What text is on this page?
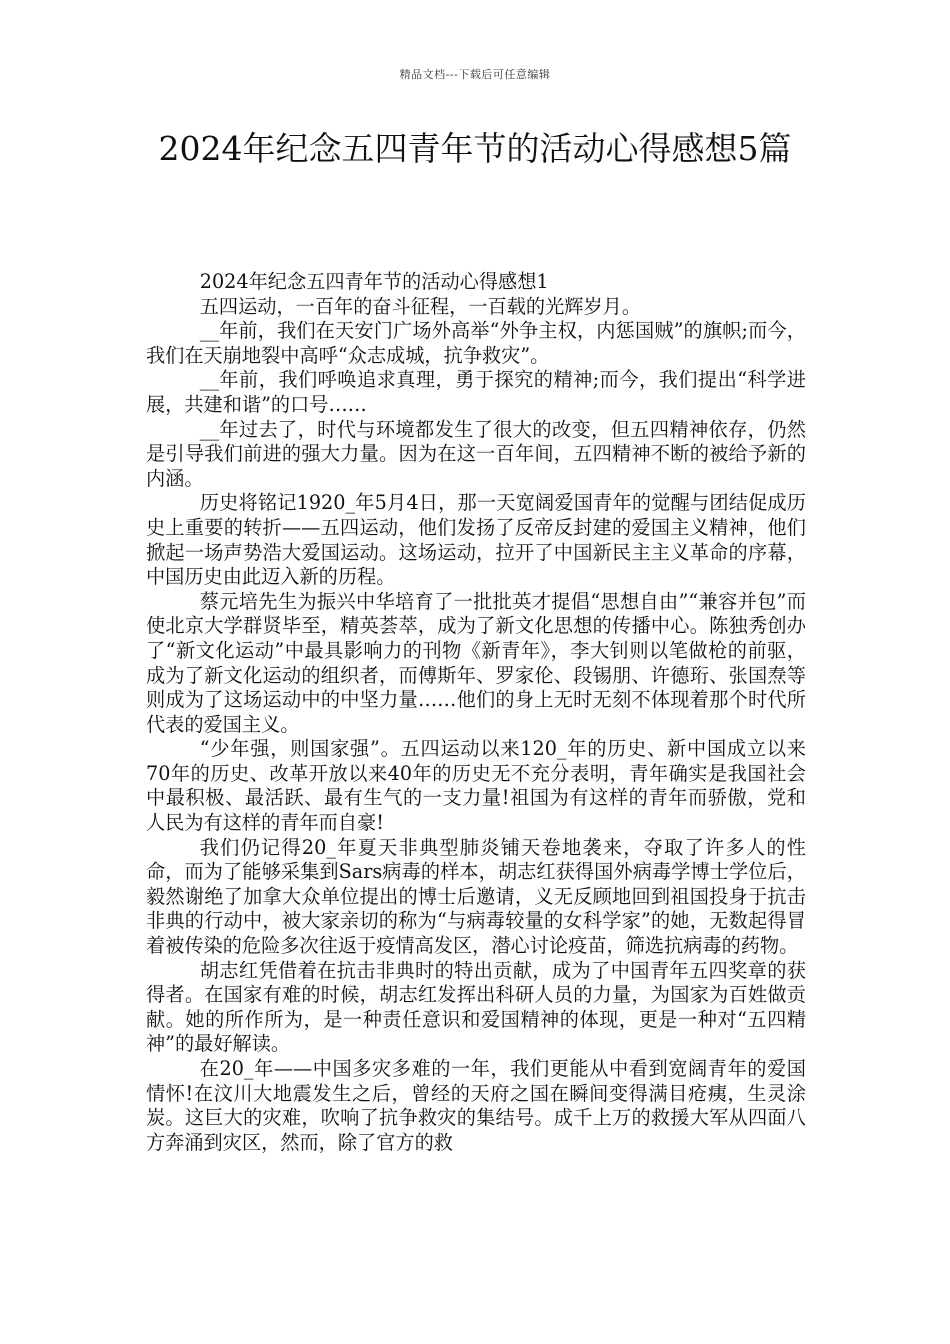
精品文档---下载后可任意编辑
2024年纪念五四青年节的活动心得感想5篇

2024年纪念五四青年节的活动心得感想1

五四运动，一百年的奋斗征程，一百载的光辉岁月。

__年前，我们在天安门广场外高举“外争主权，内惩国贼”的旗帜;而今，我们在天崩地裂中高呼“众志成城，抗争救灾”。

__年前，我们呼唤追求真理，勇于探究的精神;而今，我们提出“科学进展，共建和谐”的口号……

__年过去了，时代与环境都发生了很大的改变，但五四精神依存，仍然是引导我们前进的强大力量。因为在这一百年间，五四精神不断的被给予新的内涵。

历史将铭记1920_年5月4日，那一天宽阔爱国青年的觉醒与团结促成历史上重要的转折——五四运动，他们发扬了反帝反封建的爱国主义精神，他们掀起一场声势浩大爱国运动。这场运动，拉开了中国新民主主义革命的序幕，中国历史由此迈入新的历程。

蔡元培先生为振兴中华培育了一批批英才提倡“思想自由”“兼容并包”而使北京大学群贤毕至，精英荟萃，成为了新文化思想的传播中心。陈独秀创办了“新文化运动”中最具影响力的刊物《新青年》，李大钊则以笔做枪的前驱，成为了新文化运动的组织者，而傅斯年、罗家伦、段锡朋、许德珩、张国焘等则成为了这场运动中的中坚力量……他们的身上无时无刻不体现着那个时代所代表的爱国主义。

“少年强，则国家强”。五四运动以来120_年的历史、新中国成立以来70年的历史、改革开放以来40年的历史无不充分表明，青年确实是我国社会中最积极、最活跃、最有生气的一支力量!祖国为有这样的青年而骄傲，党和人民为有这样的青年而自豪!

我们仍记得20_年夏天非典型肺炎铺天卷地袭来，夺取了许多人的性命，而为了能够采集到Sars病毒的样本，胡志红获得国外病毒学博士学位后，毅然谢绝了加拿大众单位提出的博士后邀请，义无反顾地回到祖国投身于抗击非典的行动中，被大家亲切的称为“与病毒较量的女科学家”的她，无数起得冒着被传染的危险多次往返于疫情高发区，潜心讨论疫苗，筛选抗病毒的药物。

胡志红凭借着在抗击非典时的特出贡献，成为了中国青年五四奖章的获得者。在国家有难的时候，胡志红发挥出科研人员的力量，为国家为百姓做贡献。她的所作所为，是一种责任意识和爱国精神的体现，更是一种对“五四精神”的最好解读。

在20_年——中国多灾多难的一年，我们更能从中看到宽阔青年的爱国情怀!在汶川大地震发生之后，曾经的天府之国在瞬间变得满目疮痍，生灵涂炭。这巨大的灾难，吹响了抗争救灾的集结号。成千上万的救援大军从四面八方奔涌到灾区，然而，除了官方的救
